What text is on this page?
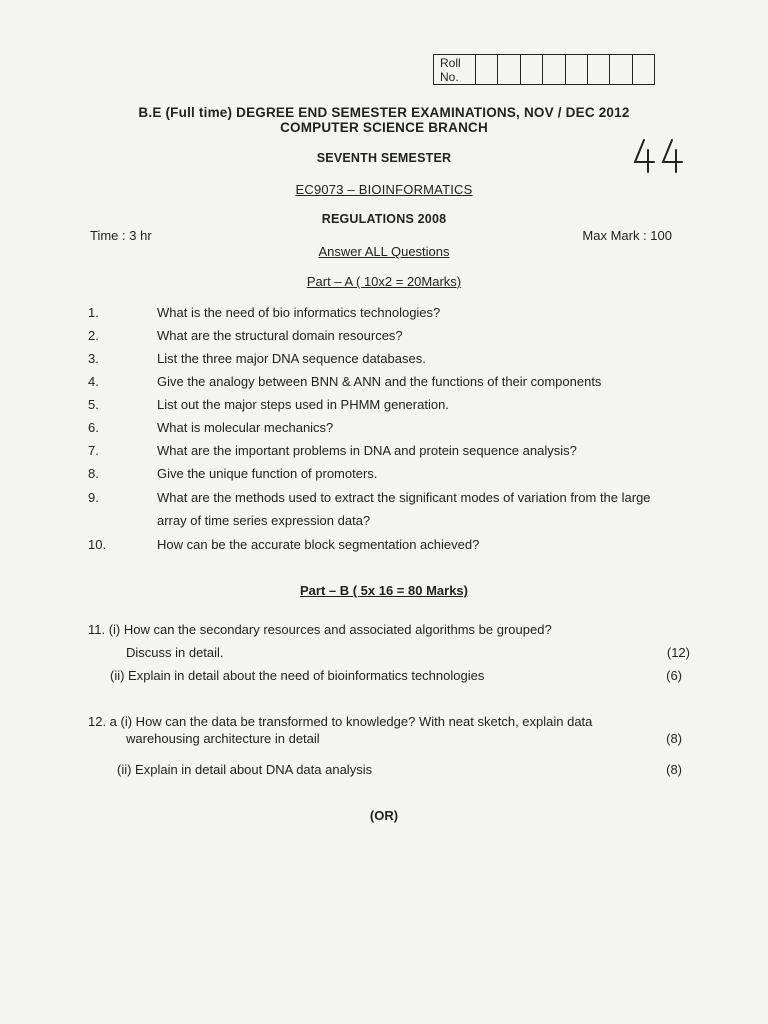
Roll
No.
B.E (Full time) DEGREE END SEMESTER EXAMINATIONS, NOV / DEC 2012
COMPUTER SCIENCE BRANCH
SEVENTH SEMESTER
EC9073 – BIOINFORMATICS
REGULATIONS 2008
Time : 3 hr	Max Mark : 100
Answer ALL Questions
Part – A ( 10x2 = 20Marks)
1.	What is the need of bio informatics technologies?
2.	What are the structural domain resources?
3.	List the three major DNA sequence databases.
4.	Give the analogy between BNN & ANN and the functions of their components
5.	List out the major steps used in PHMM generation.
6.	What is molecular mechanics?
7.	What are the important problems in DNA and protein sequence analysis?
8.	Give the unique function of promoters.
9.	What are the methods used to extract the significant modes of variation from the large
array of time series expression data?
10.	How can be the accurate block segmentation achieved?
Part – B ( 5x 16 = 80 Marks)
11. (i) How can the secondary resources and associated algorithms be grouped?
Discuss in detail.	(12)
(ii) Explain in detail about the need of bioinformatics technologies	(6)
12. a (i) How can the data be transformed to knowledge? With neat sketch, explain data
warehousing architecture in detail	(8)
(ii) Explain in detail about DNA data analysis	(8)
(OR)
